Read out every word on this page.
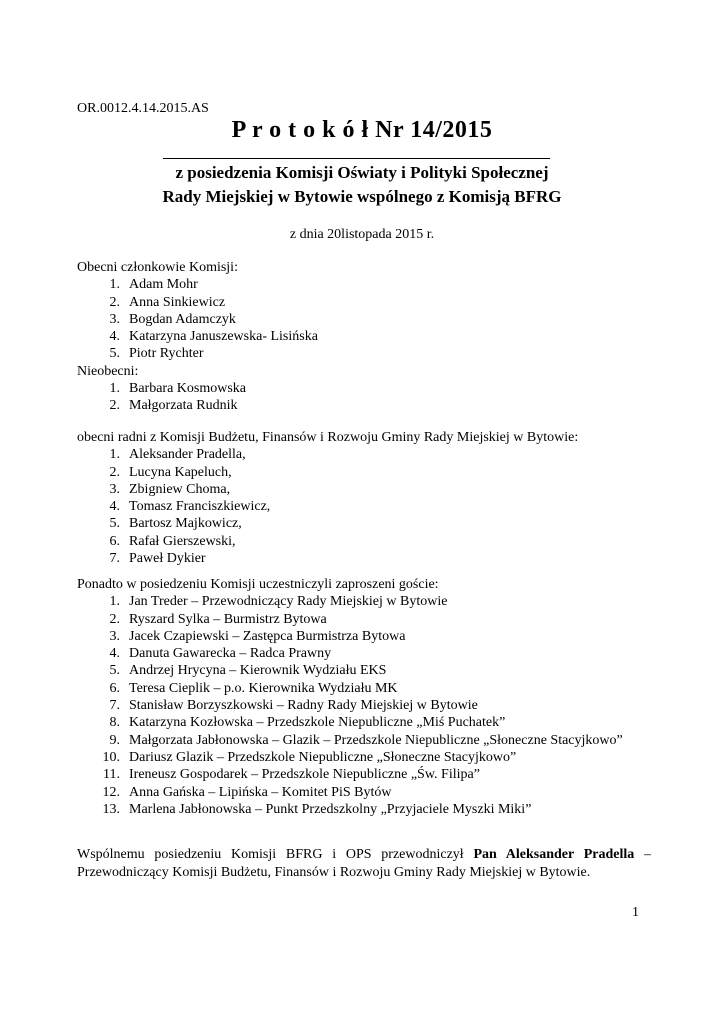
OR.0012.4.14.2015.AS
P r o t o k ó ł Nr 14/2015
z posiedzenia Komisji Oświaty i Polityki Społecznej
Rady Miejskiej w Bytowie wspólnego z Komisją BFRG
z dnia 20listopada 2015 r.
Obecni członkowie Komisji:
1. Adam Mohr
2. Anna Sinkiewicz
3. Bogdan Adamczyk
4. Katarzyna Januszewska- Lisińska
5. Piotr Rychter
Nieobecni:
1. Barbara Kosmowska
2. Małgorzata Rudnik
obecni radni z Komisji Budżetu, Finansów i Rozwoju Gminy Rady Miejskiej w Bytowie:
1. Aleksander Pradella,
2. Lucyna Kapeluch,
3. Zbigniew Choma,
4. Tomasz Franciszkiewicz,
5. Bartosz Majkowicz,
6. Rafał Gierszewski,
7. Paweł Dykier
Ponadto w posiedzeniu Komisji uczestniczyli zaproszeni goście:
1. Jan Treder – Przewodniczący Rady Miejskiej w Bytowie
2. Ryszard Sylka – Burmistrz Bytowa
3. Jacek Czapiewski – Zastępca Burmistrza Bytowa
4. Danuta Gawarecka – Radca Prawny
5. Andrzej Hrycyna – Kierownik Wydziału EKS
6. Teresa Cieplik – p.o. Kierownika Wydziału MK
7. Stanisław Borzyszkowski – Radny Rady Miejskiej w Bytowie
8. Katarzyna Kozłowska – Przedszkole Niepubliczne „Miś Puchatek”
9. Małgorzata Jabłonowska – Glazik – Przedszkole Niepubliczne „Słoneczne Stacyjkowo”
10. Dariusz Glazik – Przedszkole Niepubliczne „Słoneczne Stacyjkowo”
11. Ireneusz Gospodarek – Przedszkole Niepubliczne „Św. Filipa”
12. Anna Gańska – Lipińska – Komitet PiS Bytów
13. Marlena Jabłonowska – Punkt Przedszkolny „Przyjaciele Myszki Miki”
Wspólnemu posiedzeniu Komisji BFRG i OPS przewodniczył Pan Aleksander Pradella –
Przewodniczący Komisji Budżetu, Finansów i Rozwoju Gminy Rady Miejskiej w Bytowie.
1
